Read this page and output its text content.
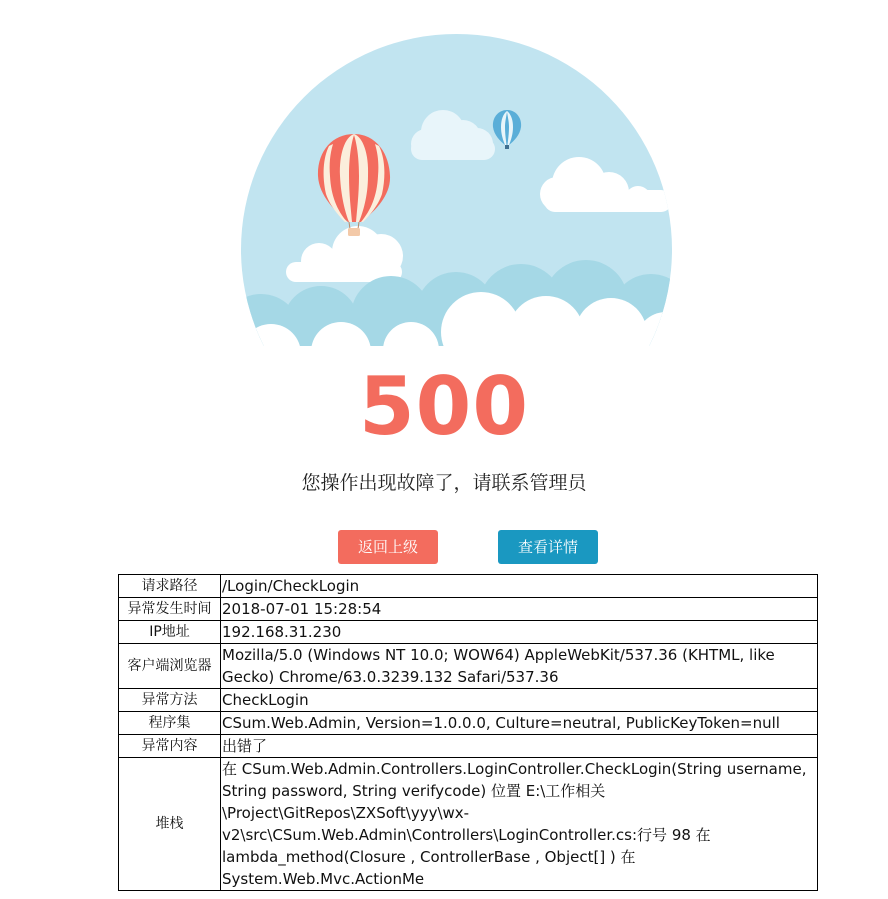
500
您操作出现故障了，请联系管理员
返回上级	查看详情
请求路径	/Login/CheckLogin
异常发生时间	2018-07-01 15:28:54
IP地址	192.168.31.230
客户端浏览器	Mozilla/5.0 (Windows NT 10.0; WOW64) AppleWebKit/537.36 (KHTML, like Gecko) Chrome/63.0.3239.132 Safari/537.36
异常方法	CheckLogin
程序集	CSum.Web.Admin, Version=1.0.0.0, Culture=neutral, PublicKeyToken=null
异常内容	出错了
堆栈	在 CSum.Web.Admin.Controllers.LoginController.CheckLogin(String username, String password, String verifycode) 位置 E:\工作相关\Project\GitRepos\ZXSoft\yyy\wx-v2\src\CSum.Web.Admin\Controllers\LoginController.cs:行号 98 在 lambda_method(Closure , ControllerBase , Object[] ) 在 System.Web.Mvc.ActionMe
